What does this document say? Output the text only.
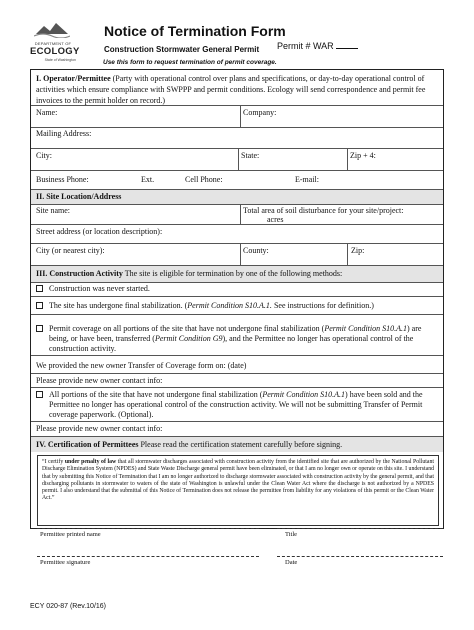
DEPARTMENT OF
ECOLOGY
State of Washington
Notice of Termination Form
Construction Stormwater General Permit Permit # WAR
Use this form to request termination of permit coverage.
I. Operator/Permittee (Party with operational control over plans and specifications, or day-to-day operational control of activities which ensure compliance with SWPPP and permit conditions. Ecology will send correspondence and permit fee invoices to the permit holder on record.)
Name:	Company:
Mailing Address:
City:	State:	Zip + 4:
Business Phone:	Ext.	Cell Phone:	E-mail:
II. Site Location/Address
Site name:	Total area of soil disturbance for your site/project:
acres
Street address (or location description):
City (or nearest city):	County:	Zip:
III. Construction Activity The site is eligible for termination by one of the following methods:
Construction was never started.
The site has undergone final stabilization. (Permit Condition S10.A.1. See instructions for definition.)
Permit coverage on all portions of the site that have not undergone final stabilization (Permit Condition S10.A.1) are being, or have been, transferred (Permit Condition G9), and the Permittee no longer has operational control of the construction activity.
We provided the new owner Transfer of Coverage form on: (date)
Please provide new owner contact info:
All portions of the site that have not undergone final stabilization (Permit Condition S10.A.1) have been sold and the Permittee no longer has operational control of the construction activity. We will not be submitting Transfer of Permit coverage paperwork. (Optional).
Please provide new owner contact info:
IV. Certification of Permittees Please read the certification statement carefully before signing.
“I certify under penalty of law that all stormwater discharges associated with construction activity from the identified site that are authorized by the National Pollutant Discharge Elimination System (NPDES) and State Waste Discharge general permit have been eliminated, or that I am no longer own or operate on this site. I understand that by submitting this Notice of Termination that I am no longer authorized to discharge stormwater associated with construction activity by the general permit, and that discharging pollutants in stormwater to waters of the state of Washington is unlawful under the Clean Water Act where the discharge is not authorized by a NPDES permit. I also understand that the submittal of this Notice of Termination does not release the permittee from liability for any violations of this permit or the Clean Water Act.”
Permittee printed name	Title
Permittee signature	Date
ECY 020-87 (Rev.10/16)
